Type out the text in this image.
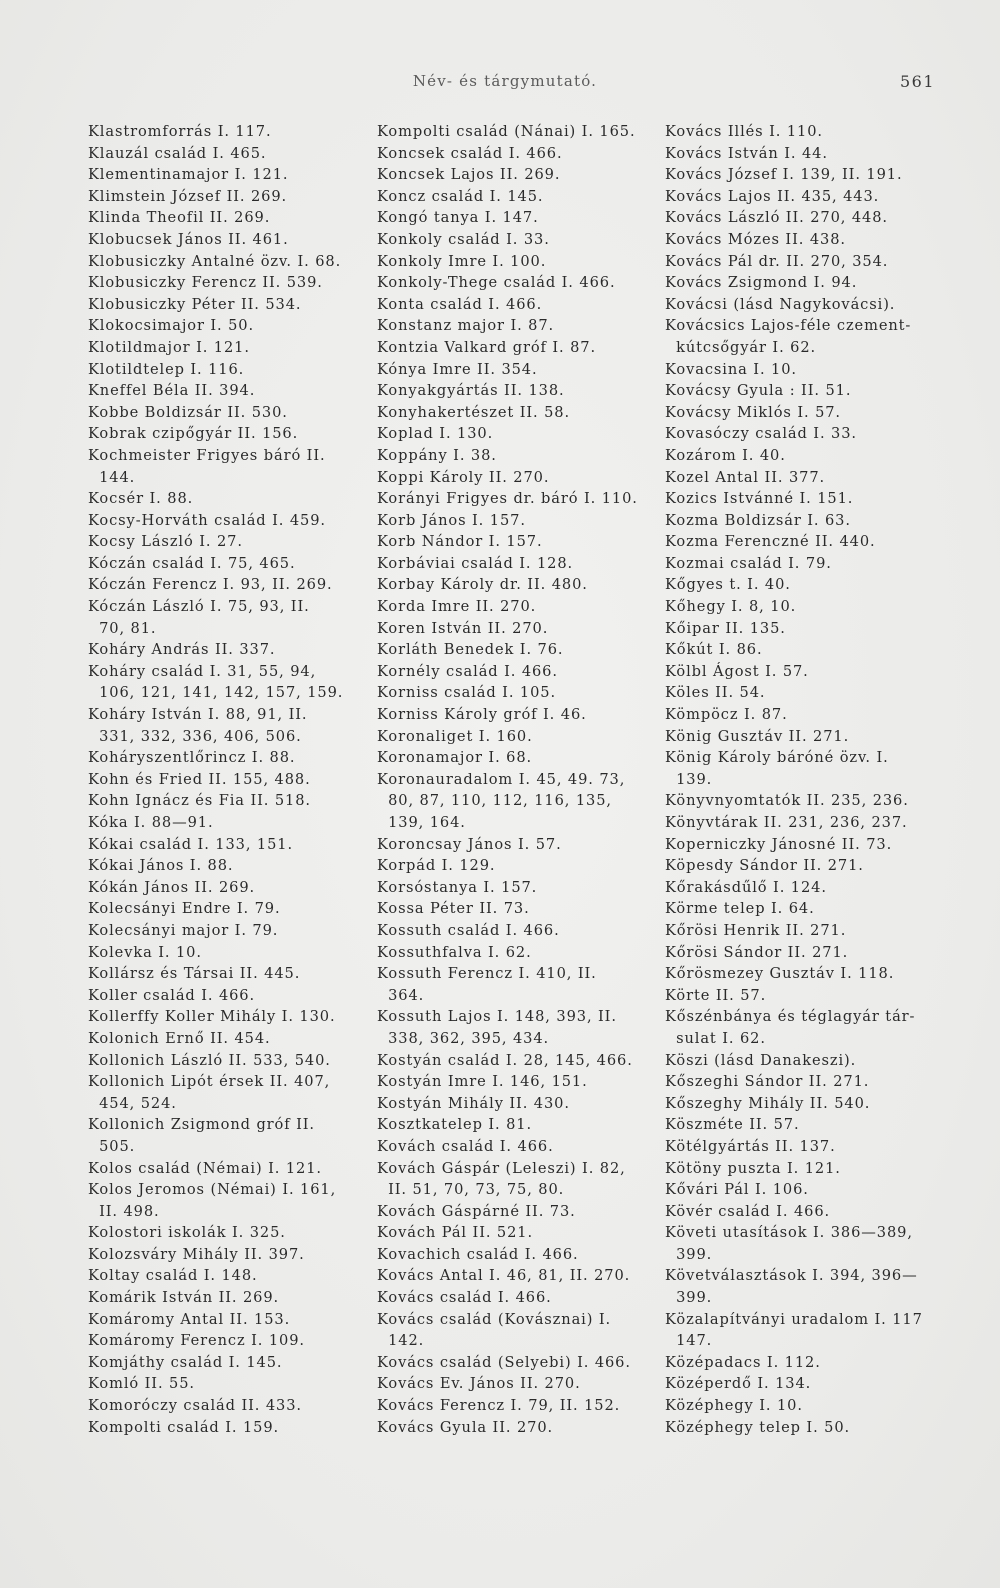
Név- és tárgymutató.	561
Klastromforrás I. 117.
Klauzál család I. 465.
Klementinamajor I. 121.
Klimstein József II. 269.
Klinda Theofil II. 269.
Klobucsek János II. 461.
Klobusiczky Antalné özv. I. 68.
Klobusiczky Ferencz II. 539.
Klobusiczky Péter II. 534.
Klokocsimajor I. 50.
Klotildmajor I. 121.
Klotildtelep I. 116.
Kneffel Béla II. 394.
Kobbe Boldizsár II. 530.
Kobrak czipőgyár II. 156.
Kochmeister Frigyes báró II.
144.
Kocsér I. 88.
Kocsy-Horváth család I. 459.
Kocsy László I. 27.
Kóczán család I. 75, 465.
Kóczán Ferencz I. 93, II. 269.
Kóczán László I. 75, 93, II.
70, 81.
Koháry András II. 337.
Koháry család I. 31, 55, 94,
106, 121, 141, 142, 157, 159.
Koháry István I. 88, 91, II.
331, 332, 336, 406, 506.
Koháryszentlőrincz I. 88.
Kohn és Fried II. 155, 488.
Kohn Ignácz és Fia II. 518.
Kóka I. 88—91.
Kókai család I. 133, 151.
Kókai János I. 88.
Kókán János II. 269.
Kolecsányi Endre I. 79.
Kolecsányi major I. 79.
Kolevka I. 10.
Kollársz és Társai II. 445.
Koller család I. 466.
Kollerffy Koller Mihály I. 130.
Kolonich Ernő II. 454.
Kollonich László II. 533, 540.
Kollonich Lipót érsek II. 407,
454, 524.
Kollonich Zsigmond gróf II.
505.
Kolos család (Némai) I. 121.
Kolos Jeromos (Némai) I. 161,
II. 498.
Kolostori iskolák I. 325.
Kolozsváry Mihály II. 397.
Koltay család I. 148.
Komárik István II. 269.
Komáromy Antal II. 153.
Komáromy Ferencz I. 109.
Komjáthy család I. 145.
Komló II. 55.
Komoróczy család II. 433.
Kompolti család I. 159.
Kompolti család (Nánai) I. 165.
Koncsek család I. 466.
Koncsek Lajos II. 269.
Koncz család I. 145.
Kongó tanya I. 147.
Konkoly család I. 33.
Konkoly Imre I. 100.
Konkoly-Thege család I. 466.
Konta család I. 466.
Konstanz major I. 87.
Kontzia Valkard gróf I. 87.
Kónya Imre II. 354.
Konyakgyártás II. 138.
Konyhakertészet II. 58.
Koplad I. 130.
Koppány I. 38.
Koppi Károly II. 270.
Korányi Frigyes dr. báró I. 110.
Korb János I. 157.
Korb Nándor I. 157.
Korbáviai család I. 128.
Korbay Károly dr. II. 480.
Korda Imre II. 270.
Koren István II. 270.
Korláth Benedek I. 76.
Kornély család I. 466.
Korniss család I. 105.
Korniss Károly gróf I. 46.
Koronaliget I. 160.
Koronamajor I. 68.
Koronauradalom I. 45, 49. 73,
80, 87, 110, 112, 116, 135,
139, 164.
Koroncsay János I. 57.
Korpád I. 129.
Korsóstanya I. 157.
Kossa Péter II. 73.
Kossuth család I. 466.
Kossuthfalva I. 62.
Kossuth Ferencz I. 410, II.
364.
Kossuth Lajos I. 148, 393, II.
338, 362, 395, 434.
Kostyán család I. 28, 145, 466.
Kostyán Imre I. 146, 151.
Kostyán Mihály II. 430.
Kosztkatelep I. 81.
Kovách család I. 466.
Kovách Gáspár (Leleszi) I. 82,
II. 51, 70, 73, 75, 80.
Kovách Gáspárné II. 73.
Kovách Pál II. 521.
Kovachich család I. 466.
Kovács Antal I. 46, 81, II. 270.
Kovács család I. 466.
Kovács család (Kovásznai) I.
142.
Kovács család (Selyebi) I. 466.
Kovács Ev. János II. 270.
Kovács Ferencz I. 79, II. 152.
Kovács Gyula II. 270.
Kovács Illés I. 110.
Kovács István I. 44.
Kovács József I. 139, II. 191.
Kovács Lajos II. 435, 443.
Kovács László II. 270, 448.
Kovács Mózes II. 438.
Kovács Pál dr. II. 270, 354.
Kovács Zsigmond I. 94.
Kovácsi (lásd Nagykovácsi).
Kovácsics Lajos-féle czement-
kútcsőgyár I. 62.
Kovacsina I. 10.
Kovácsy Gyula : II. 51.
Kovácsy Miklós I. 57.
Kovasóczy család I. 33.
Kozárom I. 40.
Kozel Antal II. 377.
Kozics Istvánné I. 151.
Kozma Boldizsár I. 63.
Kozma Ferenczné II. 440.
Kozmai család I. 79.
Kőgyes t. I. 40.
Kőhegy I. 8, 10.
Kőipar II. 135.
Kőkút I. 86.
Kölbl Ágost I. 57.
Köles II. 54.
Kömpöcz I. 87.
König Gusztáv II. 271.
König Károly báróné özv. I.
139.
Könyvnyomtatók II. 235, 236.
Könyvtárak II. 231, 236, 237.
Koperniczky Jánosné II. 73.
Köpesdy Sándor II. 271.
Kőrakásdűlő I. 124.
Körme telep I. 64.
Kőrösi Henrik II. 271.
Kőrösi Sándor II. 271.
Kőrösmezey Gusztáv I. 118.
Körte II. 57.
Kőszénbánya és téglagyár tár-
sulat I. 62.
Köszi (lásd Danakeszi).
Kőszeghi Sándor II. 271.
Kőszeghy Mihály II. 540.
Köszméte II. 57.
Kötélgyártás II. 137.
Kötöny puszta I. 121.
Kővári Pál I. 106.
Kövér család I. 466.
Követi utasítások I. 386—389,
399.
Követválasztások I. 394, 396—
399.
Közalapítványi uradalom I. 117
147.
Középadacs I. 112.
Középerdő I. 134.
Középhegy I. 10.
Középhegy telep I. 50.
